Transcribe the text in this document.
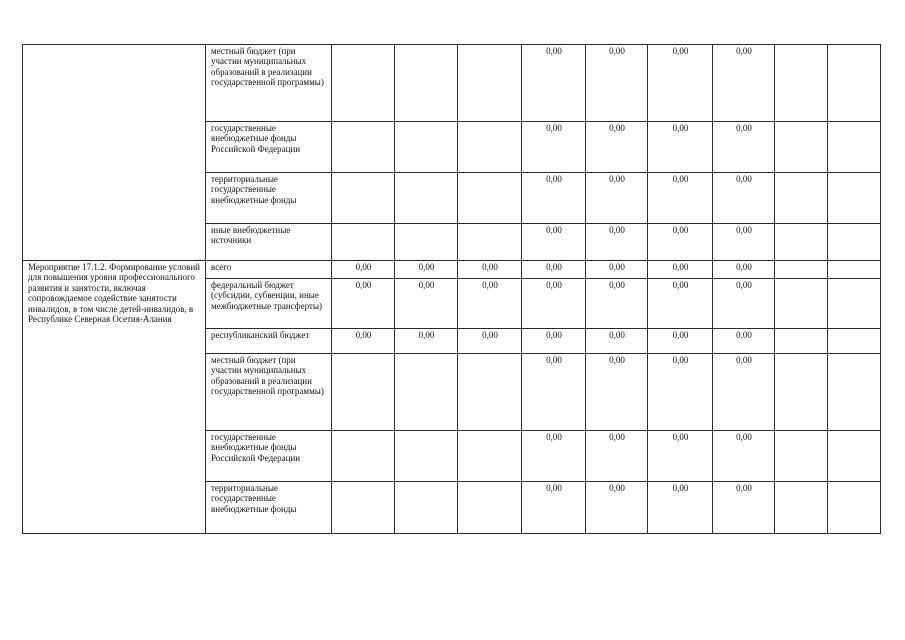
	местный бюджет (при участии муниципальных образований в реализации государственной программы)				0,00	0,00	0,00	0,00		
	государственные внебюджетные фонды Российской Федерации				0,00	0,00	0,00	0,00		
	территориальные государственные внебюджетные фонды				0,00	0,00	0,00	0,00		
	иные внебюджетные источники				0,00	0,00	0,00	0,00		
Мероприятие 17.1.2. Формирование условий для повышения уровня профессионального развития и занятости, включая сопровождаемое содействие занятости инвалидов, в том числе детей-инвалидов, в Республике Северная Осетия-Алания	всего	0,00	0,00	0,00	0,00	0,00	0,00	0,00		
	федеральный бюджет (субсидии, субвенции, иные межбюджетные трансферты)	0,00	0,00	0,00	0,00	0,00	0,00	0,00		
	республиканский бюджет	0,00	0,00	0,00	0,00	0,00	0,00	0,00		
	местный бюджет (при участии муниципальных образований в реализации государственной программы)				0,00	0,00	0,00	0,00		
	государственные внебюджетные фонды Российской Федерации				0,00	0,00	0,00	0,00		
	территориальные государственные внебюджетные фонды				0,00	0,00	0,00	0,00		
